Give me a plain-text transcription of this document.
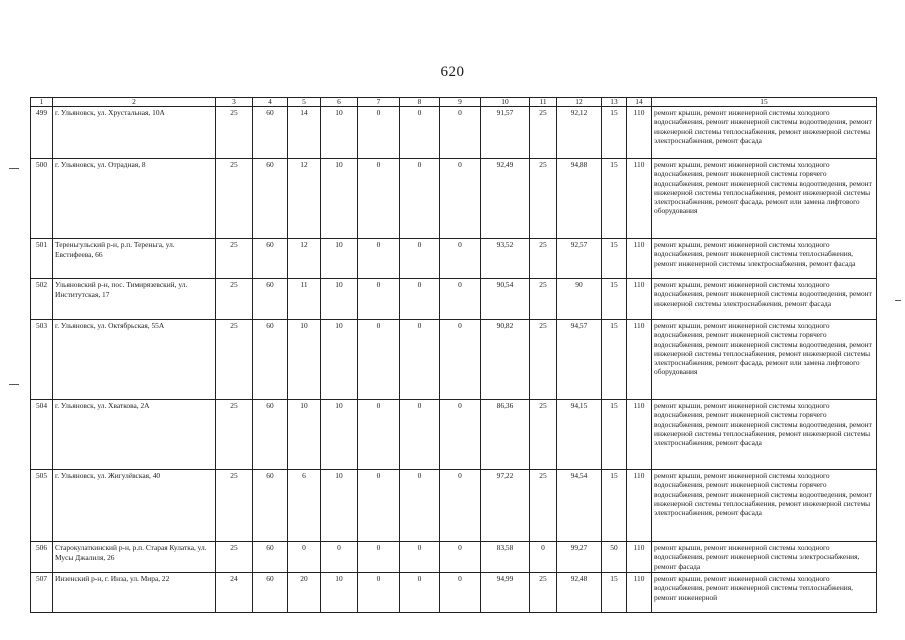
620
1	2	3	4	5	6	7	8	9	10	11	12	13	14	15
499	г. Ульяновск, ул. Хрустальная, 10А	25	60	14	10	0	0	0	91,57	25	92,12	15	110	ремонт крыши, ремонт инженерной системы холодного водоснабжения, ремонт инженерной системы водоотведения, ремонт инженерной системы теплоснабжения, ремонт инженерной системы электроснабжения, ремонт фасада
500	г. Ульяновск, ул. Отрадная, 8	25	60	12	10	0	0	0	92,49	25	94,88	15	110	ремонт крыши, ремонт инженерной системы холодного водоснабжения, ремонт инженерной системы горячего водоснабжения, ремонт инженерной системы водоотведения, ремонт инженерной системы теплоснабжения, ремонт инженерной системы электроснабжения, ремонт фасада, ремонт или замена лифтового оборудования
501	Тереньгульский р-н, р.п. Тереньга, ул. Евстифеева, 66	25	60	12	10	0	0	0	93,52	25	92,57	15	110	ремонт крыши, ремонт инженерной системы холодного водоснабжения, ремонт инженерной системы теплоснабжения, ремонт инженерной системы электроснабжения, ремонт фасада
502	Ульяновский р-н, пос. Тимирязевский, ул. Институтская, 17	25	60	11	10	0	0	0	90,54	25	90	15	110	ремонт крыши, ремонт инженерной системы холодного водоснабжения, ремонт инженерной системы водоотведения, ремонт инженерной системы электроснабжения, ремонт фасада
503	г. Ульяновск, ул. Октябрьская, 55А	25	60	10	10	0	0	0	90,82	25	94,57	15	110	ремонт крыши, ремонт инженерной системы холодного водоснабжения, ремонт инженерной системы горячего водоснабжения, ремонт инженерной системы водоотведения, ремонт инженерной системы теплоснабжения, ремонт инженерной системы электроснабжения, ремонт фасада, ремонт или замена лифтового оборудования
504	г. Ульяновск, ул. Хваткова, 2А	25	60	10	10	0	0	0	86,36	25	94,15	15	110	ремонт крыши, ремонт инженерной системы холодного водоснабжения, ремонт инженерной системы горячего водоснабжения, ремонт инженерной системы водоотведения, ремонт инженерной системы теплоснабжения, ремонт инженерной системы электроснабжения, ремонт фасада
505	г. Ульяновск, ул. Жигулёвская, 40	25	60	6	10	0	0	0	97,22	25	94,54	15	110	ремонт крыши, ремонт инженерной системы холодного водоснабжения, ремонт инженерной системы горячего водоснабжения, ремонт инженерной системы водоотведения, ремонт инженерной системы теплоснабжения, ремонт инженерной системы электроснабжения, ремонт фасада
506	Старокулаткинский р-н, р.п. Старая Кулатка, ул. Мусы Джалиля, 26	25	60	0	0	0	0	0	83,58	0	99,27	50	110	ремонт крыши, ремонт инженерной системы холодного водоснабжения, ремонт инженерной системы электроснабжения, ремонт фасада
507	Инзенский р-н, г. Инза, ул. Мира, 22	24	60	20	10	0	0	0	94,99	25	92,48	15	110	ремонт крыши, ремонт инженерной системы холодного водоснабжения, ремонт инженерной системы теплоснабжения, ремонт инженерной
